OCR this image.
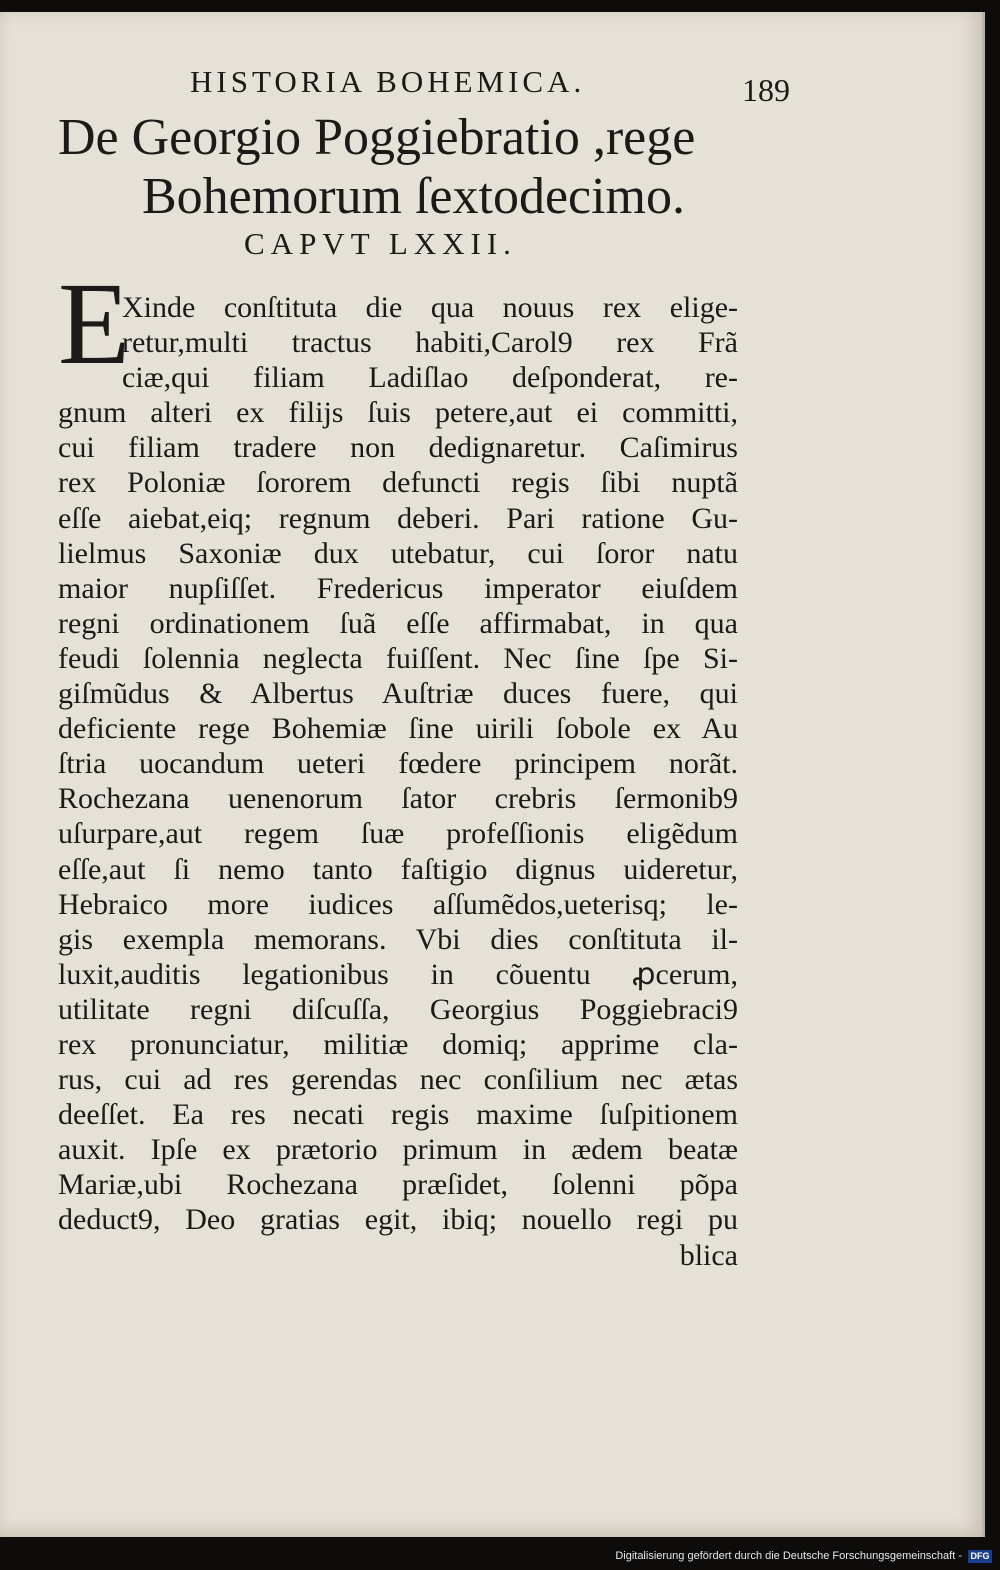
HISTORIA BOHEMICA.	189
De Georgio Poggiebratio ,rege
Bohemorum ſextodecimo.
CAPVT LXXII.
E
Xinde conſtituta die qua nouus rex elige-
retur,multi tractus habiti,Carol9 rex Frã
ciæ,qui filiam Ladiſlao deſponderat, re-
gnum alteri ex filijs ſuis petere,aut ei committi,
cui filiam tradere non dedignaretur. Caſimirus
rex Poloniæ ſororem defuncti regis ſibi nuptã
eſſe aiebat,eiq; regnum deberi. Pari ratione Gu-
lielmus Saxoniæ dux utebatur, cui ſoror natu
maior nupſiſſet. Fredericus imperator eiuſdem
regni ordinationem ſuã eſſe affirmabat, in qua
feudi ſolennia neglecta fuiſſent. Nec ſine ſpe Si-
giſmũdus & Albertus Auſtriæ duces fuere, qui
deficiente rege Bohemiæ ſine uirili ſobole ex Au
ſtria uocandum ueteri fœdere principem norãt.
Rochezana uenenorum ſator crebris ſermonib9
uſurpare,aut regem ſuæ profeſſionis eligẽdum
eſſe,aut ſi nemo tanto faſtigio dignus uideretur,
Hebraico more iudices aſſumẽdos,ueterisq; le-
gis exempla memorans. Vbi dies conſtituta il-
luxit,auditis legationibus in cõuentu ꝓcerum,
utilitate regni diſcuſſa, Georgius Poggiebraci9
rex pronunciatur, militiæ domiq; apprime cla-
rus, cui ad res gerendas nec conſilium nec ætas
deeſſet. Ea res necati regis maxime ſuſpitionem
auxit. Ipſe ex prætorio primum in ædem beatæ
Mariæ,ubi Rochezana præſidet, ſolenni põpa
deduct9, Deo gratias egit, ibiq; nouello regi pu
blica
Digitalisierung gefördert durch die Deutsche Forschungsgemeinschaft - DFG
